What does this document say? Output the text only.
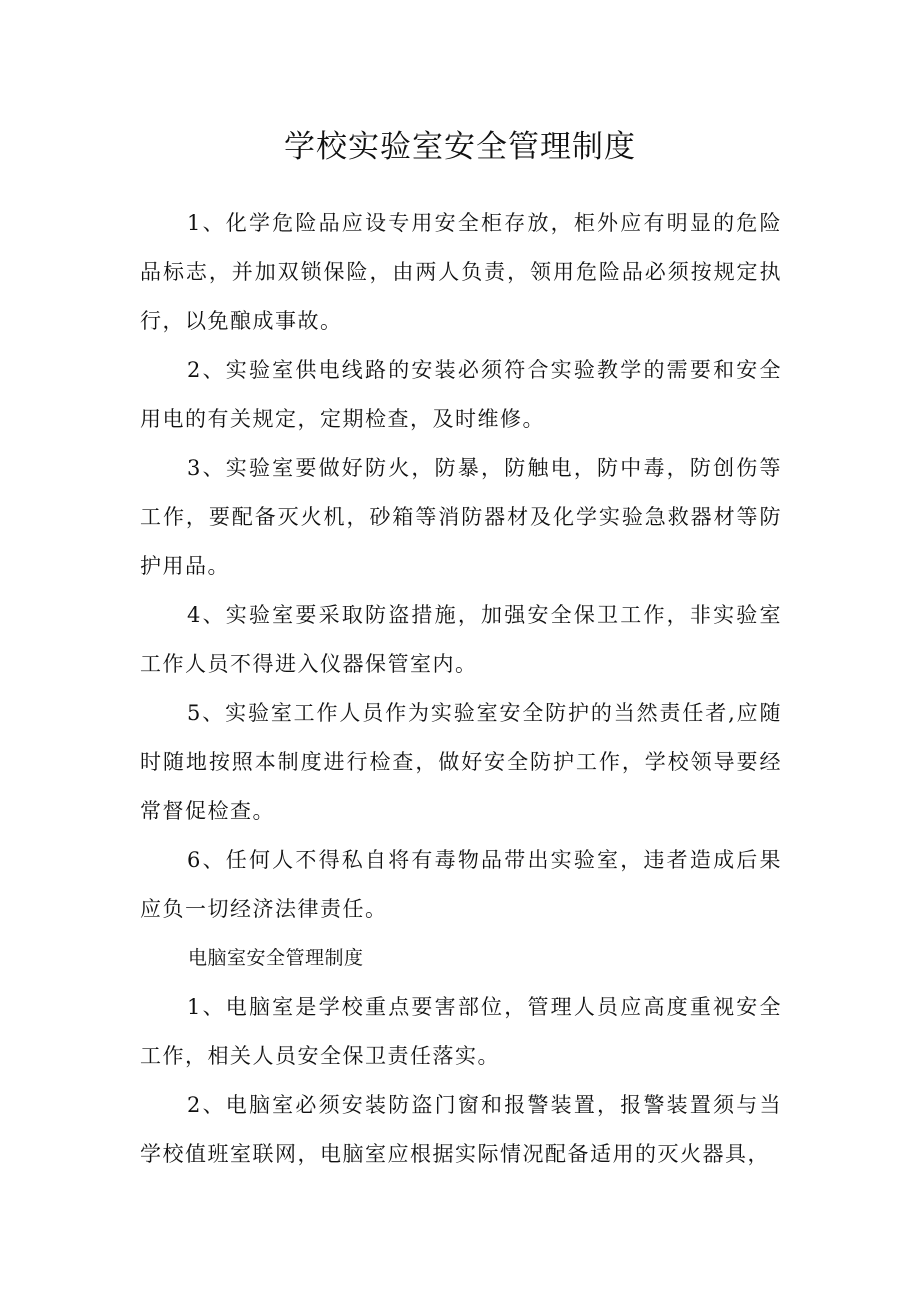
学校实验室安全管理制度

1、化学危险品应设专用安全柜存放，柜外应有明显的危险品标志，并加双锁保险，由两人负责，领用危险品必须按规定执行，以免酿成事故。

2、实验室供电线路的安装必须符合实验教学的需要和安全用电的有关规定，定期检查，及时维修。

3、实验室要做好防火，防暴，防触电，防中毒，防创伤等工作，要配备灭火机，砂箱等消防器材及化学实验急救器材等防护用品。

4、实验室要采取防盗措施，加强安全保卫工作，非实验室工作人员不得进入仪器保管室内。

5、实验室工作人员作为实验室安全防护的当然责任者,应随时随地按照本制度进行检查，做好安全防护工作，学校领导要经常督促检查。

6、任何人不得私自将有毒物品带出实验室，违者造成后果应负一切经济法律责任。

电脑室安全管理制度

1、电脑室是学校重点要害部位，管理人员应高度重视安全工作，相关人员安全保卫责任落实。

2、电脑室必须安装防盗门窗和报警装置，报警装置须与当学校值班室联网，电脑室应根据实际情况配备适用的灭火器具，
